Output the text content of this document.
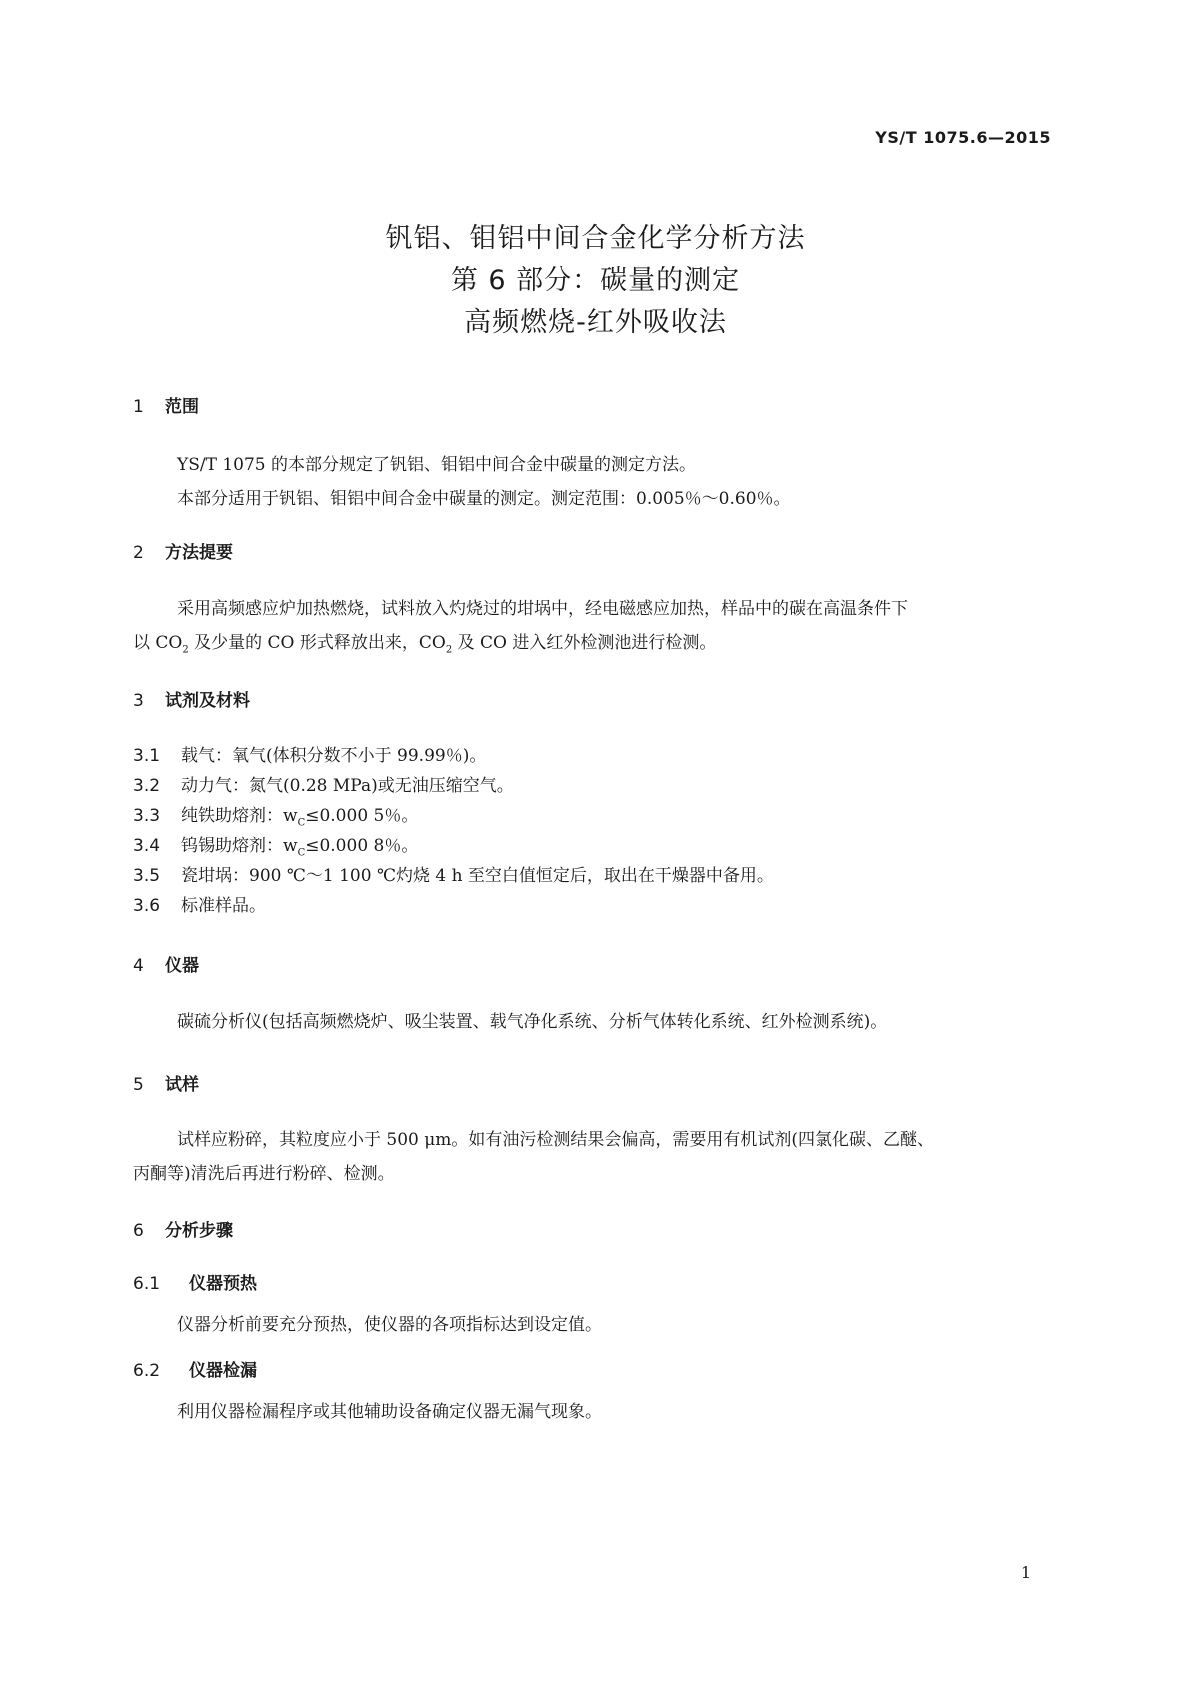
YS/T 1075.6—2015
钒铝、钼铝中间合金化学分析方法
第 6 部分：碳量的测定
高频燃烧-红外吸收法
1 范围
YS/T 1075 的本部分规定了钒铝、钼铝中间合金中碳量的测定方法。
本部分适用于钒铝、钼铝中间合金中碳量的测定。测定范围：0.005％～0.60％。
2 方法提要
采用高频感应炉加热燃烧，试料放入灼烧过的坩埚中，经电磁感应加热，样品中的碳在高温条件下
以 $CO_2$ 及少量的 CO 形式释放出来，$CO_2$ 及 CO 进入红外检测池进行检测。
3 试剂及材料
3.1 载气：氧气(体积分数不小于 99.99％)。
3.2 动力气：氮气(0.28 MPa)或无油压缩空气。
3.3 纯铁助熔剂：$w_C\le 0.000$ 5％。
3.4 钨锡助熔剂：$w_C\le 0.000$ 8％。
3.5 瓷坩埚：900 ℃～1 100 ℃灼烧 4 h 至空白值恒定后，取出在干燥器中备用。
3.6 标准样品。
4 仪器
碳硫分析仪(包括高频燃烧炉、吸尘装置、载气净化系统、分析气体转化系统、红外检测系统)。
5 试样
试样应粉碎，其粒度应小于 500 μm。如有油污检测结果会偏高，需要用有机试剂(四氯化碳、乙醚、
丙酮等)清洗后再进行粉碎、检测。
6 分析步骤
6.1 仪器预热
仪器分析前要充分预热，使仪器的各项指标达到设定值。
6.2 仪器检漏
利用仪器检漏程序或其他辅助设备确定仪器无漏气现象。
1
